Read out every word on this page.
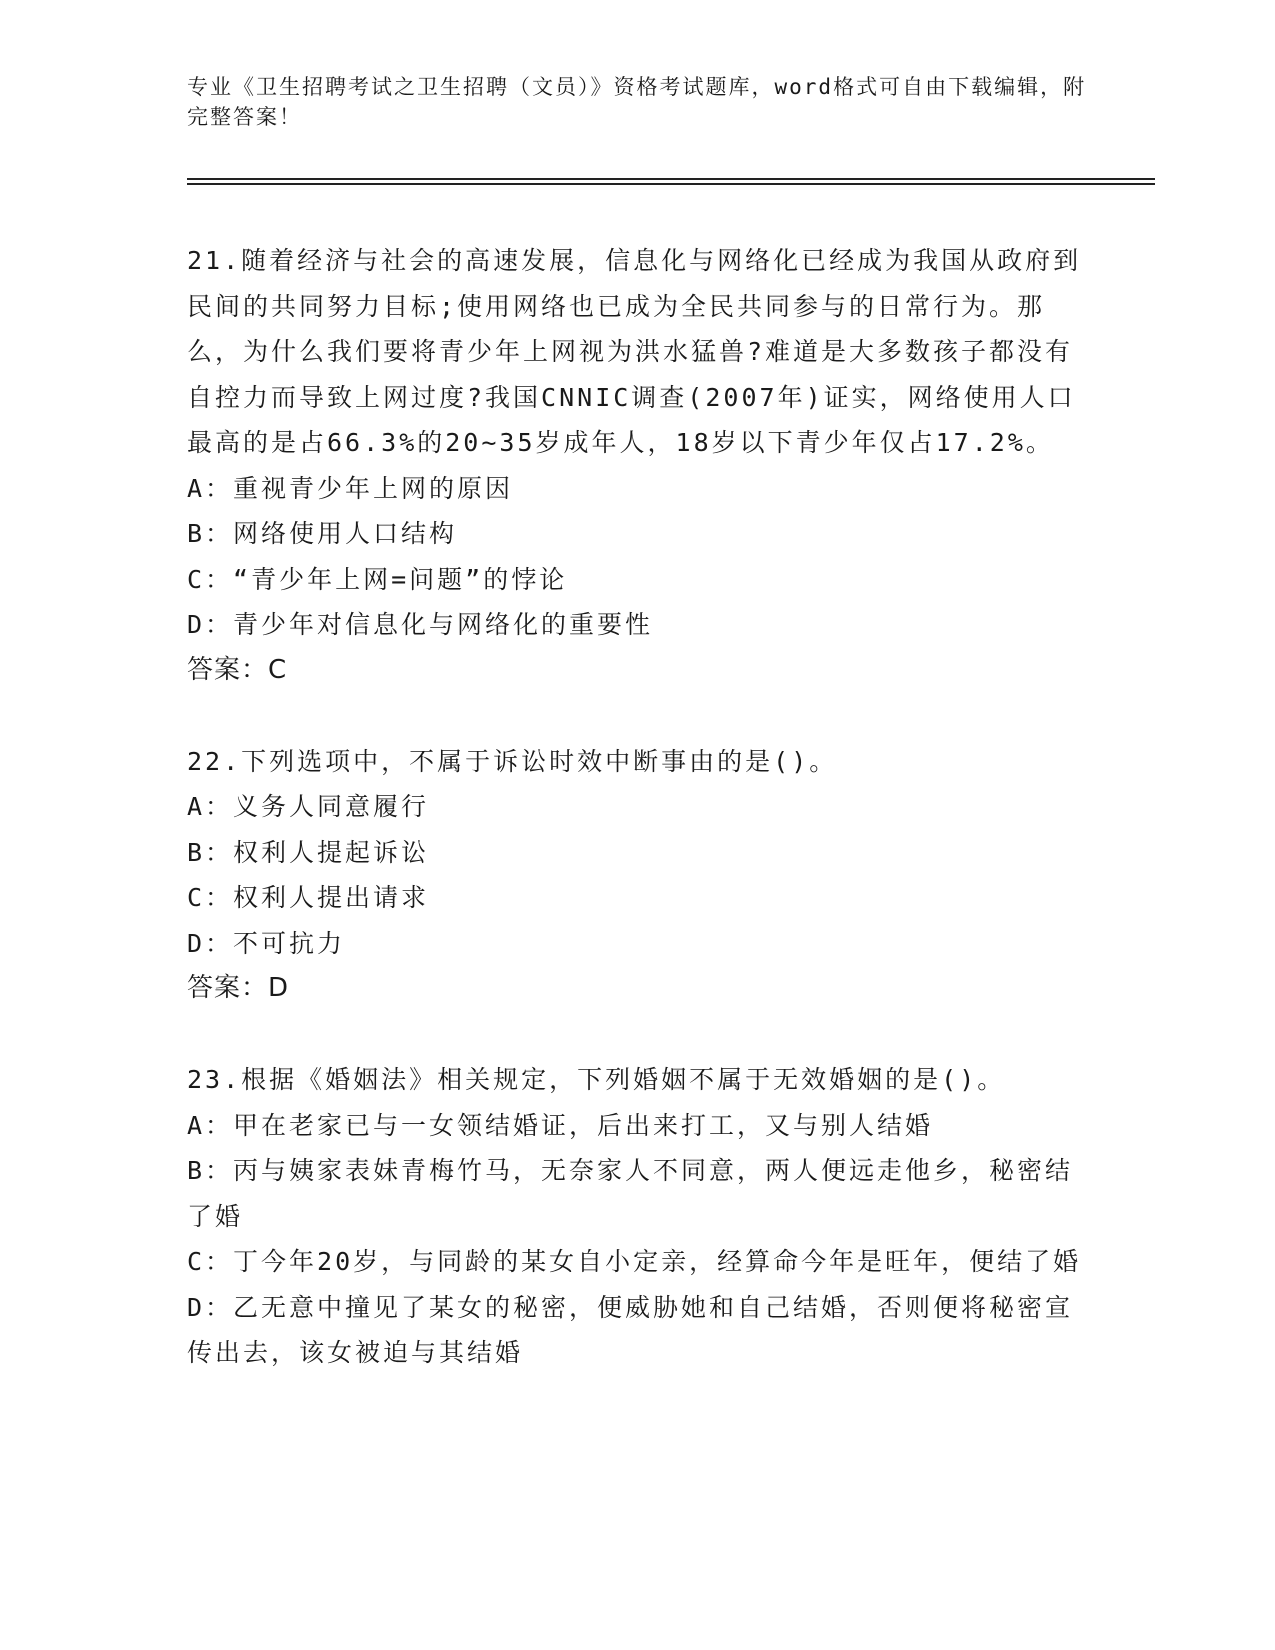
专业《卫生招聘考试之卫生招聘（文员）》资格考试题库，word格式可自由下载编辑，附完整答案！

21.随着经济与社会的高速发展，信息化与网络化已经成为我国从政府到民间的共同努力目标;使用网络也已成为全民共同参与的日常行为。那么，为什么我们要将青少年上网视为洪水猛兽?难道是大多数孩子都没有自控力而导致上网过度?我国CNNIC调查(2007年)证实，网络使用人口最高的是占66.3%的20~35岁成年人，18岁以下青少年仅占17.2%。

A：重视青少年上网的原因

B：网络使用人口结构

C：“青少年上网=问题”的悖论

D：青少年对信息化与网络化的重要性

答案：C

22.下列选项中，不属于诉讼时效中断事由的是()。

A：义务人同意履行

B：权利人提起诉讼

C：权利人提出请求

D：不可抗力

答案：D

23.根据《婚姻法》相关规定，下列婚姻不属于无效婚姻的是()。

A：甲在老家已与一女领结婚证，后出来打工，又与别人结婚

B：丙与姨家表妹青梅竹马，无奈家人不同意，两人便远走他乡，秘密结了婚

C：丁今年20岁，与同龄的某女自小定亲，经算命今年是旺年，便结了婚

D：乙无意中撞见了某女的秘密，便威胁她和自己结婚，否则便将秘密宣传出去，该女被迫与其结婚
